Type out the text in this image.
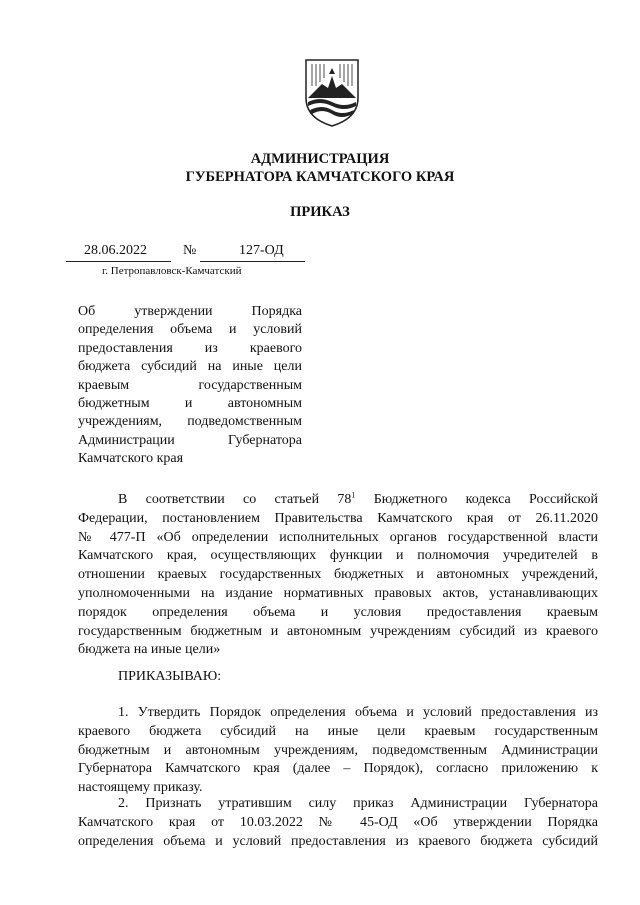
АДМИНИСТРАЦИЯ
ГУБЕРНАТОРА КАМЧАТСКОГО КРАЯ
ПРИКАЗ
28.06.2022	№	127-ОД
г. Петропавловск-Камчатский
Об утверждении Порядка
определения объема и условий
предоставления из краевого
бюджета субсидий на иные цели
краевым государственным
бюджетным и автономным
учреждениям, подведомственным
Администрации Губернатора
Камчатского края
В соответствии со статьей $78^1$ Бюджетного кодекса Российской
Федерации, постановлением Правительства Камчатского края от 26.11.2020
№ 477-П «Об определении исполнительных органов государственной власти
Камчатского края, осуществляющих функции и полномочия учредителей в
отношении краевых государственных бюджетных и автономных учреждений,
уполномоченными на издание нормативных правовых актов, устанавливающих
порядок определения объема и условия предоставления краевым
государственным бюджетным и автономным учреждениям субсидий из краевого
бюджета на иные цели»
ПРИКАЗЫВАЮ:
1. Утвердить Порядок определения объема и условий предоставления из
краевого бюджета субсидий на иные цели краевым государственным
бюджетным и автономным учреждениям, подведомственным Администрации
Губернатора Камчатского края (далее – Порядок), согласно приложению к
настоящему приказу.
2. Признать утратившим силу приказ Администрации Губернатора
Камчатского края от 10.03.2022 № 45-ОД «Об утверждении Порядка
определения объема и условий предоставления из краевого бюджета субсидий
